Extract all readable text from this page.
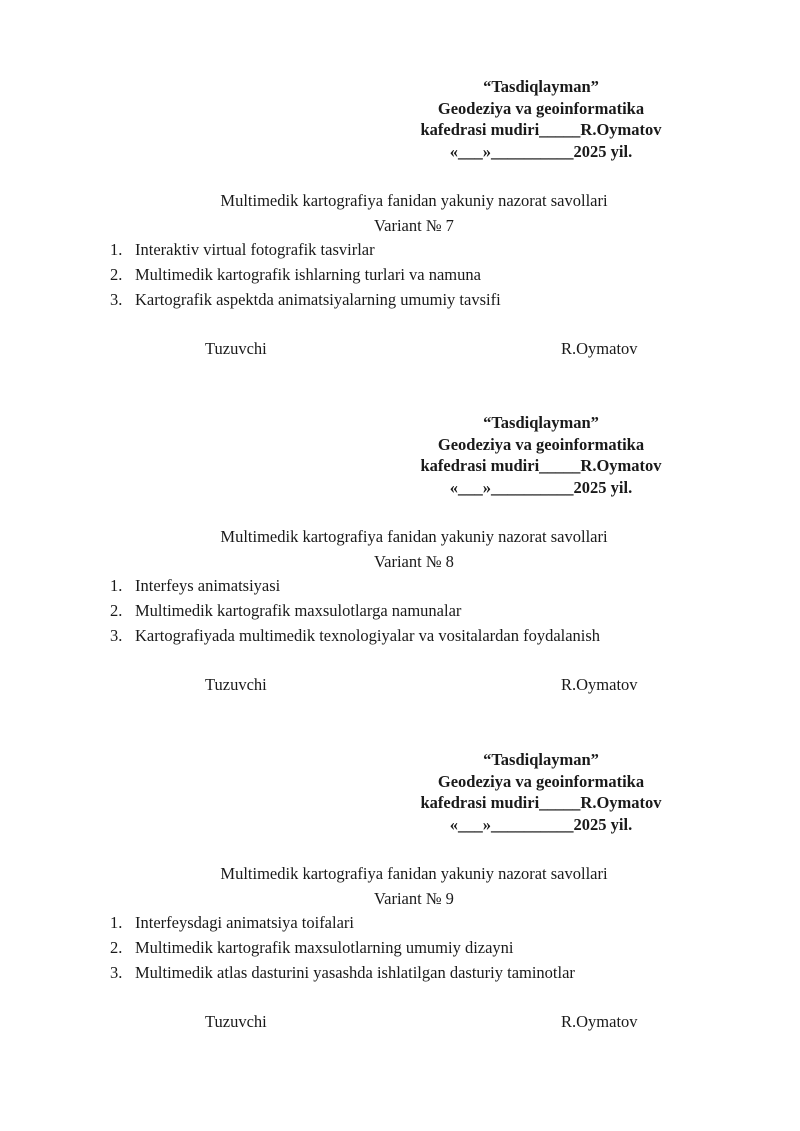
“Tasdiqlayman”
Geodeziya va geoinformatika
kafedrasi mudiri_____R.Oymatov
«___»__________2025 yil.
Multimedik kartografiya fanidan yakuniy nazorat savollari
Variant № 7
1. Interaktiv virtual fotografik tasvirlar
2. Multimedik kartografik ishlarning turlari va namuna
3. Kartografik aspektda animatsiyalarning umumiy tavsifi
Tuzuvchi	R.Oymatov
“Tasdiqlayman”
Geodeziya va geoinformatika
kafedrasi mudiri_____R.Oymatov
«___»__________2025 yil.
Multimedik kartografiya fanidan yakuniy nazorat savollari
Variant № 8
1. Interfeys animatsiyasi
2. Multimedik kartografik maxsulotlarga namunalar
3. Kartografiyada multimedik texnologiyalar va vositalardan foydalanish
Tuzuvchi	R.Oymatov
“Tasdiqlayman”
Geodeziya va geoinformatika
kafedrasi mudiri_____R.Oymatov
«___»__________2025 yil.
Multimedik kartografiya fanidan yakuniy nazorat savollari
Variant № 9
1. Interfeysdagi animatsiya toifalari
2. Multimedik kartografik maxsulotlarning umumiy dizayni
3. Multimedik atlas dasturini yasashda ishlatilgan dasturiy taminotlar
Tuzuvchi	R.Oymatov
